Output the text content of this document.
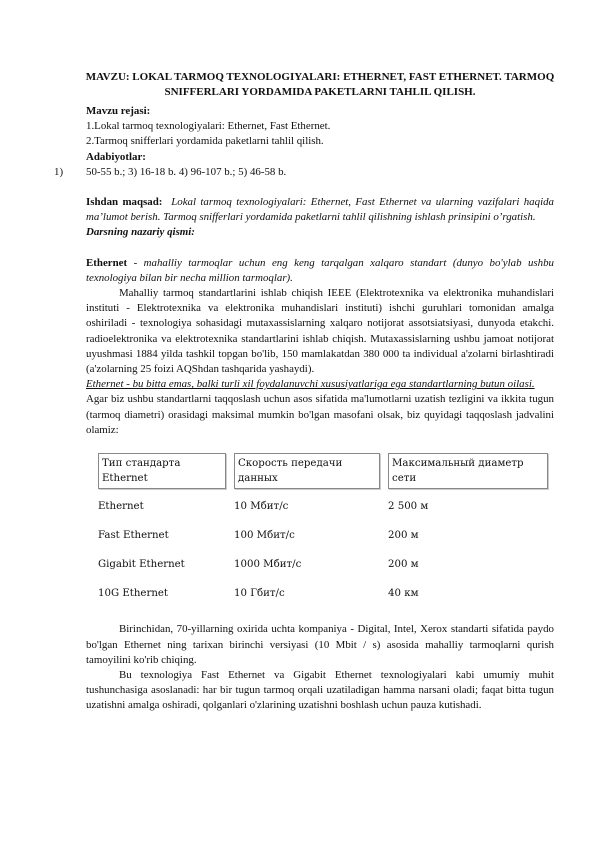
MAVZU: LOKAL TARMOQ TEXNOLOGIYALARI: ETHERNET, FAST ETHERNET. TARMOQ SNIFFERLARI YORDAMIDA PAKETLARNI TAHLIL QILISH.

Mavzu rejasi:

1.Lokal tarmoq texnologiyalari: Ethernet, Fast Ethernet.

2.Tarmoq snifferlari yordamida paketlarni tahlil qilish.

Adabiyotlar:

1) 50-55 b.; 3) 16-18 b. 4) 96-107 b.; 5) 46-58 b.

Ishdan maqsad: Lokal tarmoq texnologiyalari: Ethernet, Fast Ethernet va ularning vazifalari haqida ma’lumot berish. Tarmoq snifferlari yordamida paketlarni tahlil qilishning ishlash prinsipini o’rgatish.

Darsning nazariy qismi:

Ethernet - mahalliy tarmoqlar uchun eng keng tarqalgan xalqaro standart (dunyo bo'ylab ushbu texnologiya bilan bir necha million tarmoqlar).

Mahalliy tarmoq standartlarini ishlab chiqish IEEE (Elektrotexnika va elektronika muhandislari instituti - Elektrotexnika va elektronika muhandislari instituti) ishchi guruhlari tomonidan amalga oshiriladi - texnologiya sohasidagi mutaxassislarning xalqaro notijorat assotsiatsiyasi, dunyoda etakchi. radioelektronika va elektrotexnika standartlarini ishlab chiqish. Mutaxassislarning ushbu jamoat notijorat uyushmasi 1884 yilda tashkil topgan bo'lib, 150 mamlakatdan 380 000 ta individual a'zolarni birlashtiradi (a'zolarning 25 foizi AQShdan tashqarida yashaydi).

Ethernet - bu bitta emas, balki turli xil foydalanuvchi xususiyatlariga ega standartlarning butun oilasi.

Agar biz ushbu standartlarni taqqoslash uchun asos sifatida ma'lumotlarni uzatish tezligini va ikkita tugun (tarmoq diametri) orasidagi maksimal mumkin bo'lgan masofani olsak, biz quyidagi taqqoslash jadvalini olamiz:

Тип стандарта Ethernet	Скорость передачи данных	Максимальный диаметр сети
Ethernet	10 Мбит/с	2 500 м
Fast Ethernet	100 Мбит/с	200 м
Gigabit Ethernet	1000 Мбит/с	200 м
10G Ethernet	10 Гбит/с	40 км

Birinchidan, 70-yillarning oxirida uchta kompaniya - Digital, Intel, Xerox standarti sifatida paydo bo'lgan Ethernet ning tarixan birinchi versiyasi (10 Mbit / s) asosida mahalliy tarmoqlarni qurish tamoyilini ko'rib chiqing.

Bu texnologiya Fast Ethernet va Gigabit Ethernet texnologiyalari kabi umumiy muhit tushunchasiga asoslanadi: har bir tugun tarmoq orqali uzatiladigan hamma narsani oladi; faqat bitta tugun uzatishni amalga oshiradi, qolganlari o'zlarining uzatishni boshlash uchun pauza kutishadi.
